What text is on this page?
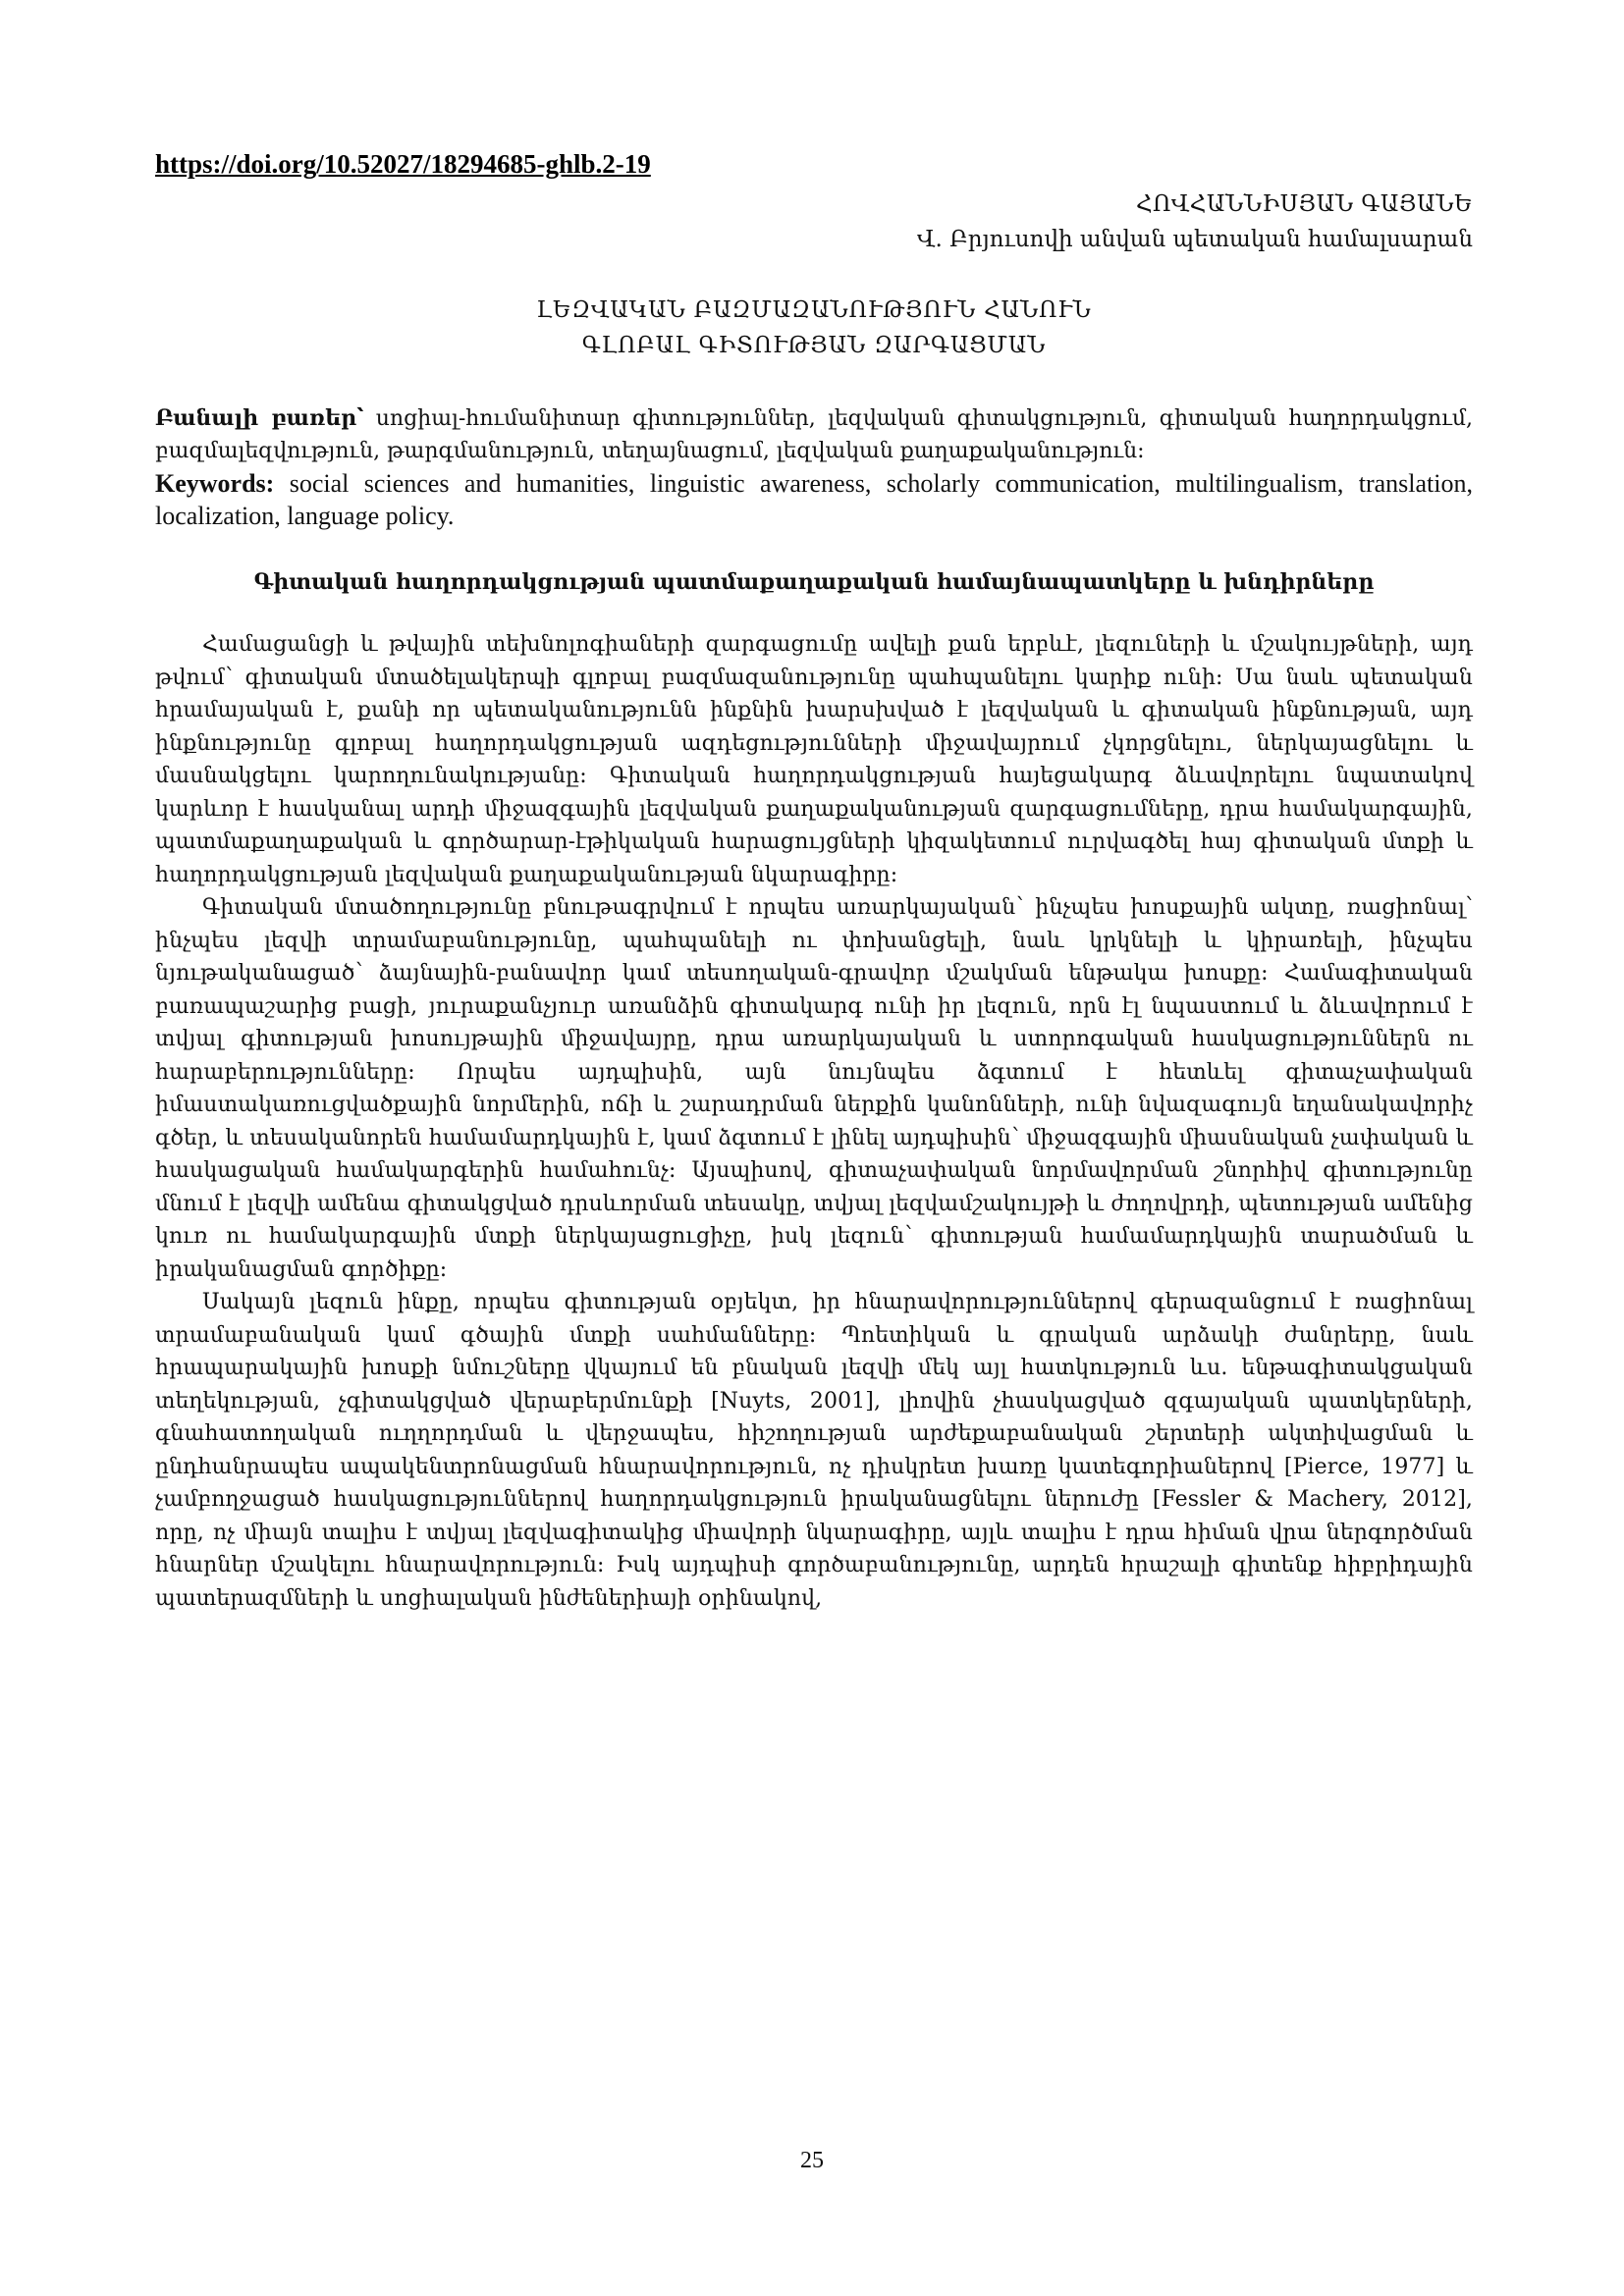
https://doi.org/10.52027/18294685-ghlb.2-19
ՀՈՎՀԱՆՆԻՍՅԱՆ ԳԱՅԱՆԵ
Վ. Բրյուսովի անվան պետական համալսարան
ԼԵԶՎԱԿԱՆ ԲԱԶՄԱԶԱՆՈՒԹՅՈՒՆ ՀԱՆՈՒՆ
ԳԼՈԲԱԼ ԳԻՏՈՒԹՅԱՆ ԶԱՐԳԱՑՄԱՆ

Բանալի բառեր՝ սոցիալ-հումանիտար գիտություններ, լեզվական գիտակցություն, գիտական հաղորդակցում, բազմալեզվություն, թարգմանություն, տեղայնացում, լեզվական քաղաքականություն։

Keywords: social sciences and humanities, linguistic awareness, scholarly communication, multilingualism, translation, localization, language policy.

Գիտական հաղորդակցության պատմաքաղաքական համայնապատկերը և խնդիրները

Համացանցի և թվային տեխնոլոգիաների զարգացումը ավելի քան երբևէ, լեզուների և մշակույթների, այդ թվում՝ գիտական մտածելակերպի գլոբալ բազմազանությունը պահպանելու կարիք ունի։ Սա նաև պետական հրամայական է, քանի որ պետականությունն ինքնին խարսխված է լեզվական և գիտական ինքնության, այդ ինքնությունը գլոբալ հաղորդակցության ազդեցությունների միջավայրում չկորցնելու, ներկայացնելու և մասնակցելու կարողունակությանը։ Գիտական հաղորդակցության հայեցակարգ ձևավորելու նպատակով կարևոր է հասկանալ արդի միջազգային լեզվական քաղաքականության զարգացումները, դրա համակարգային, պատմաքաղաքական և գործարար-էթիկական հարացույցների կիզակետում ուրվագծել հայ գիտական մտքի և հաղորդակցության լեզվական քաղաքականության նկարագիրը։

Գիտական մտածողությունը բնութագրվում է որպես առարկայական՝ ինչպես խոսքային ակտը, ռացիոնալ՝ ինչպես լեզվի տրամաբանությունը, պահպանելի ու փոխանցելի, նաև կրկնելի և կիրառելի, ինչպես նյութականացած՝ ձայնային-բանավոր կամ տեսողական-գրավոր մշակման ենթակա խոսքը։ Համագիտական բառապաշարից բացի, յուրաքանչյուր առանձին գիտակարգ ունի իր լեզուն, որն էլ նպաստում և ձևավորում է տվյալ գիտության խոսույթային միջավայրը, դրա առարկայական և ստորոգական հասկացություններն ու հարաբերությունները։ Որպես այդպիսին, այն նույնպես ձգտում է հետևել գիտաչափական իմաստակառուցվածքային նորմերին, ոճի և շարադրման ներքին կանոնների, ունի նվազագույն եղանակավորիչ գծեր, և տեսականորեն համամարդկային է, կամ ձգտում է լինել այդպիսին՝ միջազգային միասնական չափական և հասկացական համակարգերին համահունչ։ Այսպիսով, գիտաչափական նորմավորման շնորհիվ գիտությունը մնում է լեզվի ամենա գիտակցված դրսևորման տեսակը, տվյալ լեզվամշակույթի և ժողովրդի, պետության ամենից կուռ ու համակարգային մտքի ներկայացուցիչը, իսկ լեզուն՝ գիտության համամարդկային տարածման և իրականացման գործիքը։

Սակայն լեզուն ինքը, որպես գիտության օբյեկտ, իր հնարավորություններով գերազանցում է ռացիոնալ տրամաբանական կամ գծային մտքի սահմանները։ Պոետիկան և գրական արձակի ժանրերը, նաև հրապարակային խոսքի նմուշները վկայում են բնական լեզվի մեկ այլ հատկություն ևս. ենթագիտակցական տեղեկության, չգիտակցված վերաբերմունքի [Nuyts, 2001], լիովին չհասկացված զգայական պատկերների, գնահատողական ուղղորդման և վերջապես, հիշողության արժեքաբանական շերտերի ակտիվացման և ընդհանրապես ապակենտրոնացման հնարավորություն, ոչ դիսկրետ խառը կատեգորիաներով [Pierce, 1977] և չամբողջացած հասկացություններով հաղորդակցություն իրականացնելու ներուժը [Fessler & Machery, 2012], որը, ոչ միայն տալիս է տվյալ լեզվագիտակից միավորի նկարագիրը, այլև տալիս է դրա հիման վրա ներգործման հնարներ մշակելու հնարավորություն։ Իսկ այդպիսի գործաբանությունը, արդեն հրաշալի գիտենք հիբրիդային պատերազմների և սոցիալական ինժեներիայի օրինակով,

25
